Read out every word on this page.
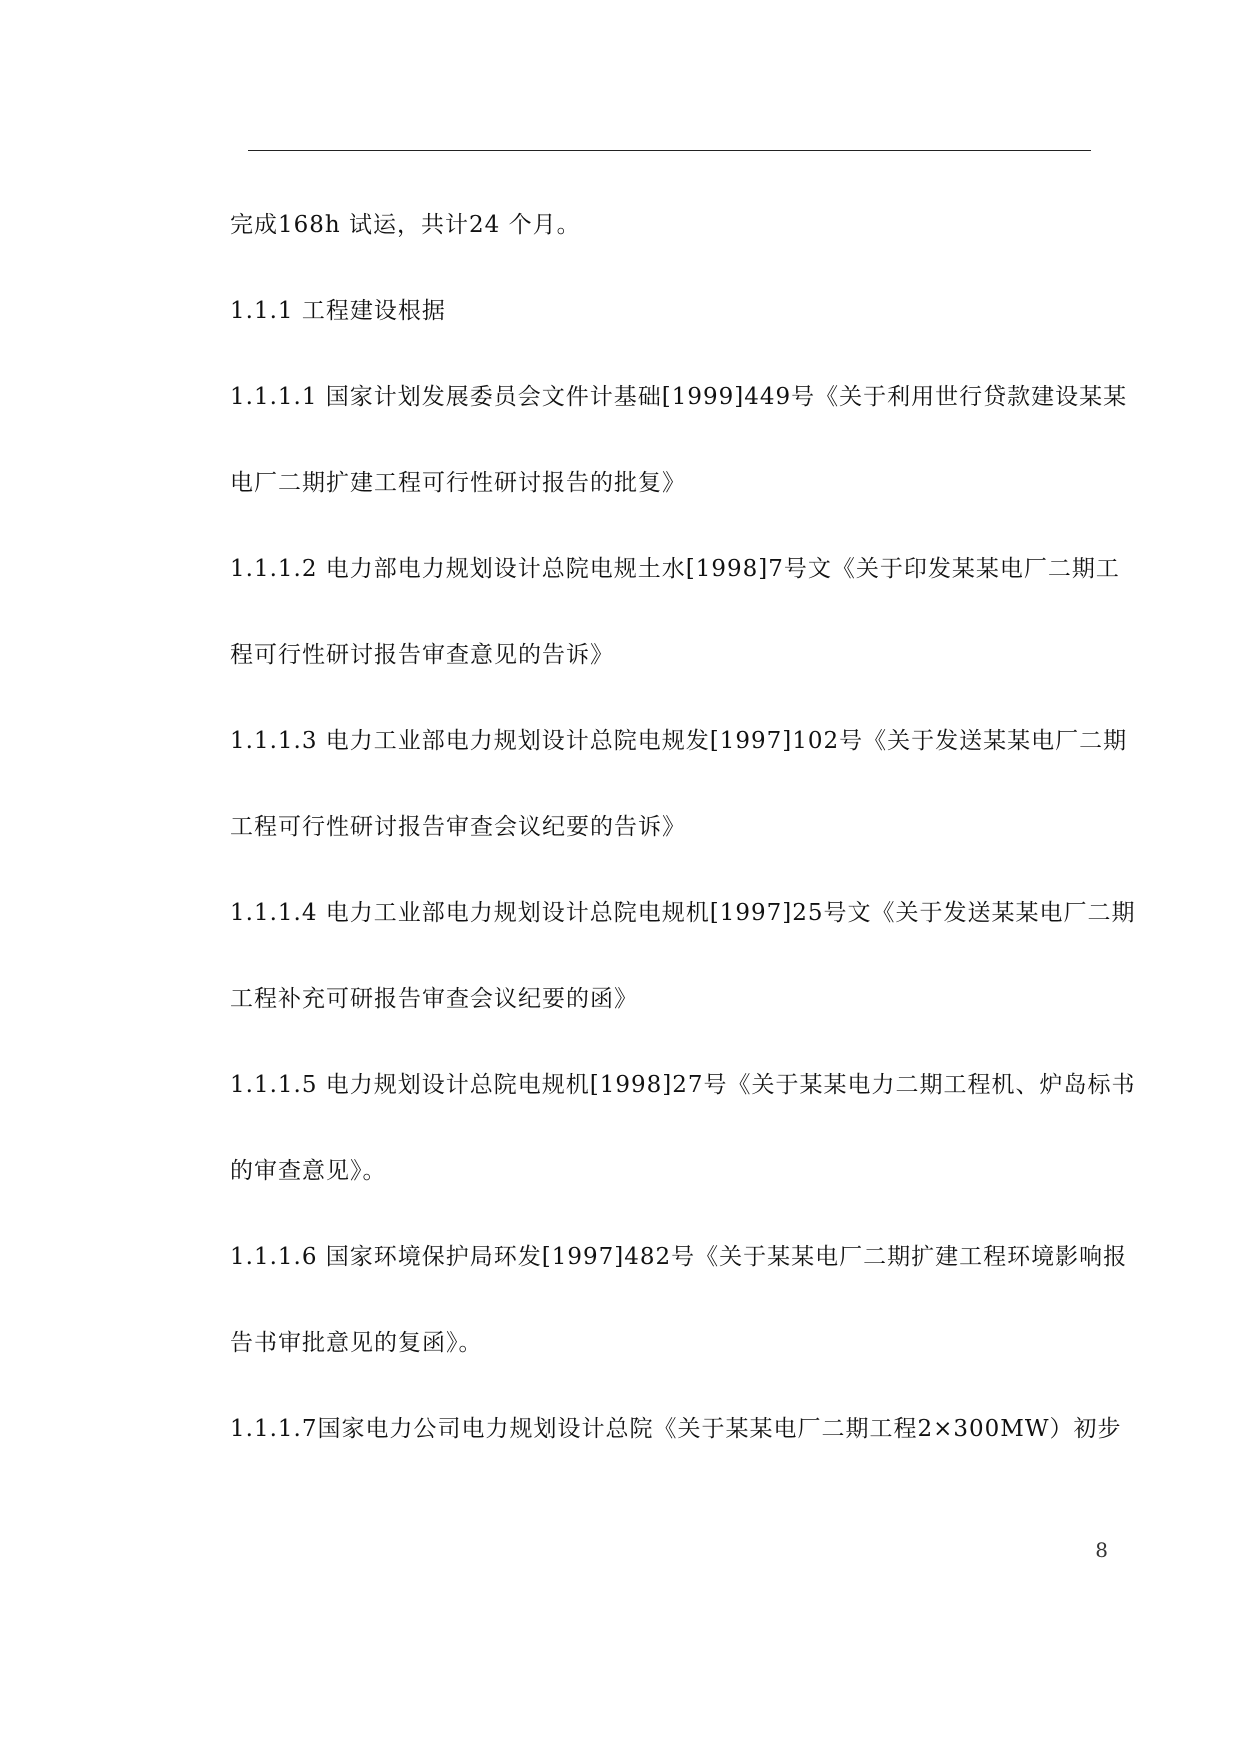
完成168h 试运，共计24 个月。
1.1.1 工程建设根据
1.1.1.1 国家计划发展委员会文件计基础[1999]449号《关于利用世行贷款建设某某
电厂二期扩建工程可行性研讨报告的批复》
1.1.1.2 电力部电力规划设计总院电规土水[1998]7号文《关于印发某某电厂二期工
程可行性研讨报告审查意见的告诉》
1.1.1.3 电力工业部电力规划设计总院电规发[1997]102号《关于发送某某电厂二期
工程可行性研讨报告审查会议纪要的告诉》
1.1.1.4 电力工业部电力规划设计总院电规机[1997]25号文《关于发送某某电厂二期
工程补充可研报告审查会议纪要的函》
1.1.1.5 电力规划设计总院电规机[1998]27号《关于某某电力二期工程机、炉岛标书
的审查意见》。
1.1.1.6 国家环境保护局环发[1997]482号《关于某某电厂二期扩建工程环境影响报
告书审批意见的复函》。
1.1.1.7国家电力公司电力规划设计总院《关于某某电厂二期工程2×300MW）初步
8
